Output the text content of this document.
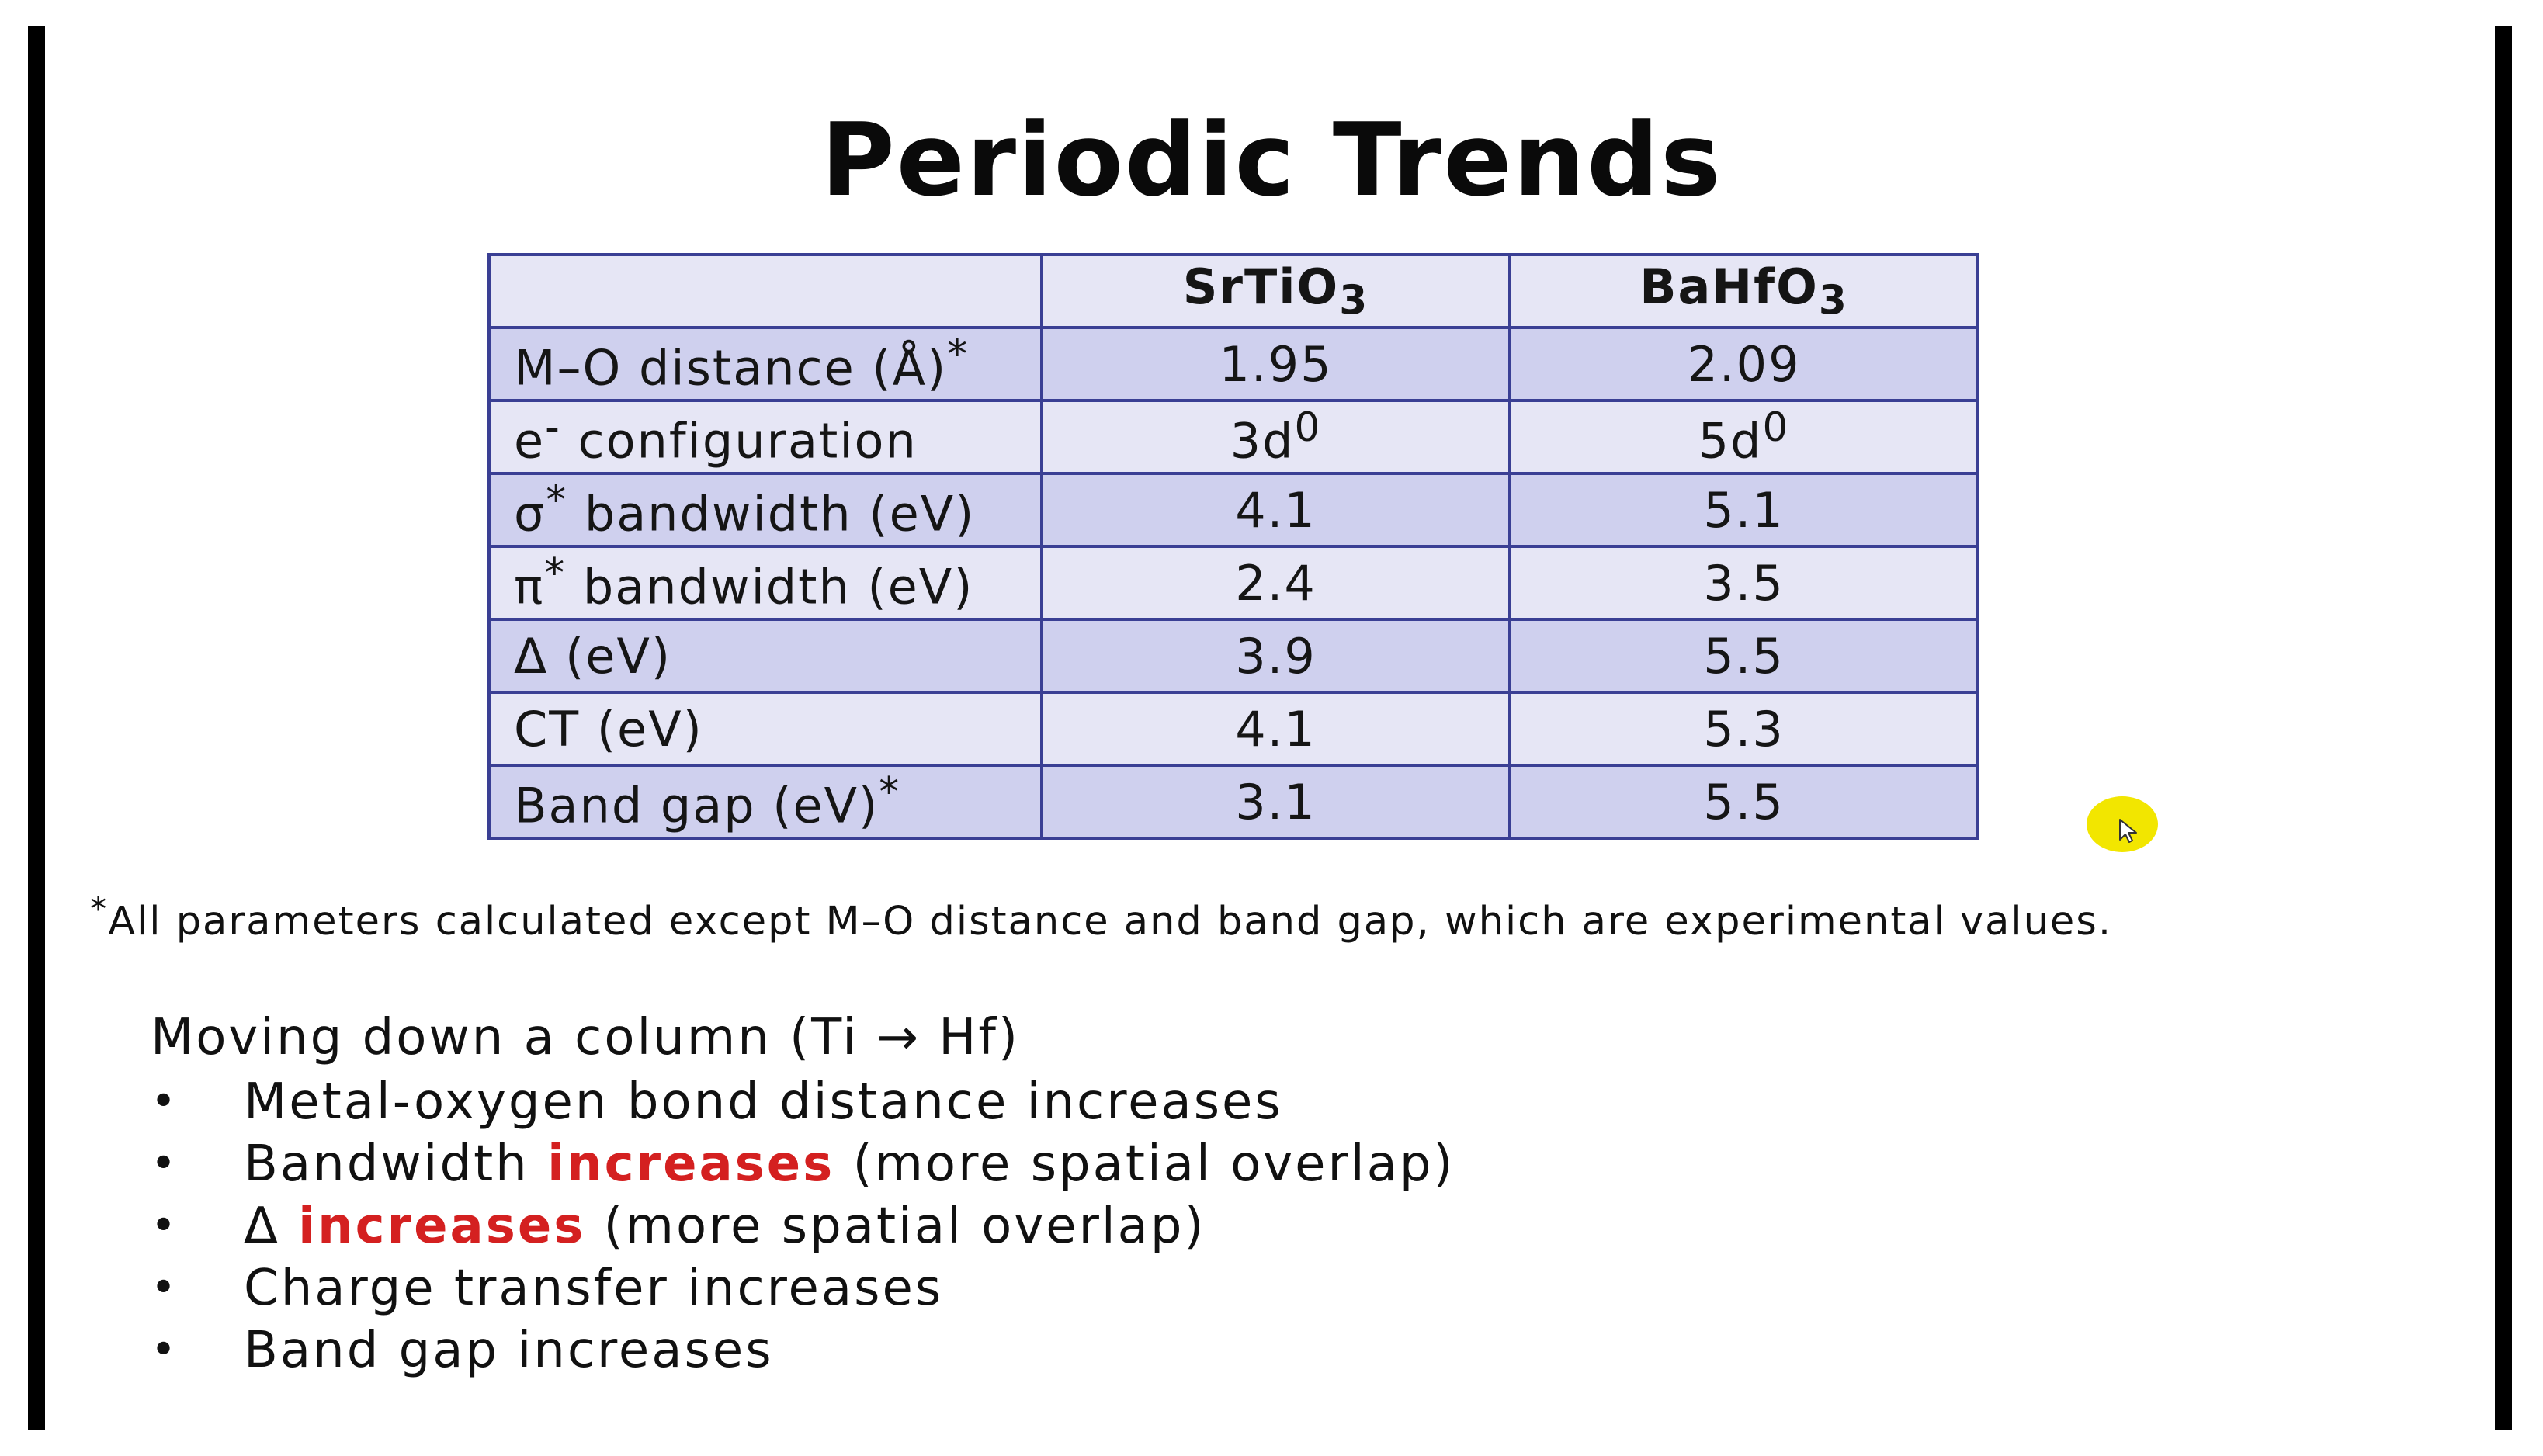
Periodic Trends
	SrTiO$_3$	BaHfO$_3$
M–O distance (Å)*	1.95	2.09
e- configuration	$3d^0$	$5d^0$
σ* bandwidth (eV)	4.1	5.1
π* bandwidth (eV)	2.4	3.5
Δ (eV)	3.9	5.5
CT (eV)	4.1	5.3
Band gap (eV)*	3.1	5.5
*All parameters calculated except M–O distance and band gap, which are experimental values.
Moving down a column (Ti → Hf)
• Metal-oxygen bond distance increases
• Bandwidth increases (more spatial overlap)
• Δ increases (more spatial overlap)
• Charge transfer increases
• Band gap increases
